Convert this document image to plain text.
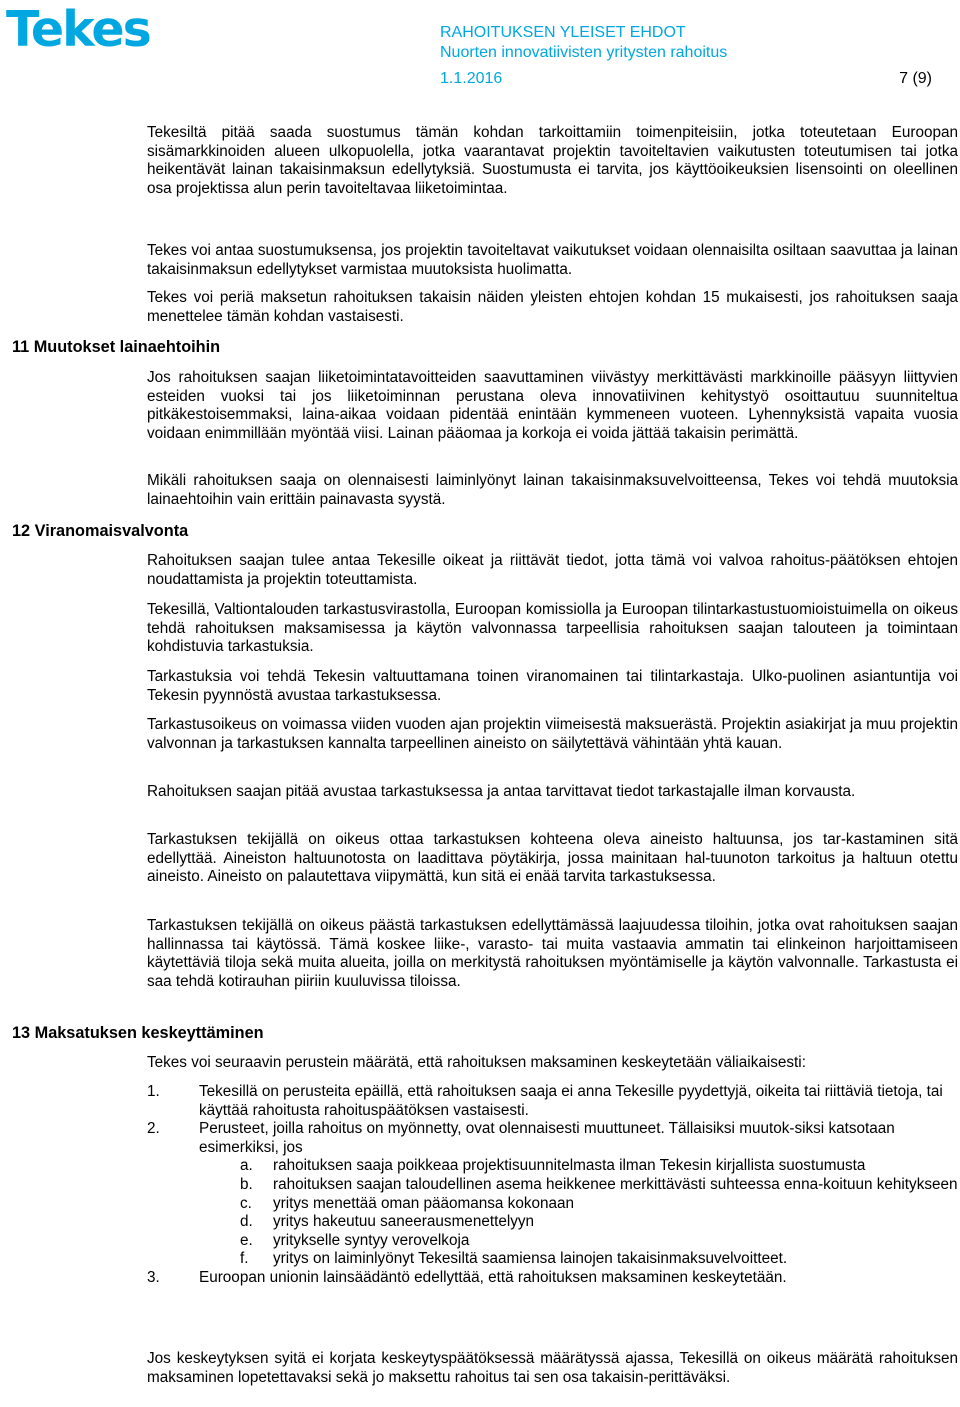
Tekes	RAHOITUKSEN YLEISET EHDOT
Nuorten innovatiivisten yritysten rahoitus
1.1.2016	7 (9)

Tekesiltä pitää saada suostumus tämän kohdan tarkoittamiin toimenpiteisiin, jotka toteutetaan Euroopan sisämarkkinoiden alueen ulkopuolella, jotka vaarantavat projektin tavoiteltavien vaikutusten toteutumisen tai jotka heikentävät lainan takaisinmaksun edellytyksiä. Suostumusta ei tarvita, jos käyttöoikeuksien lisensointi on oleellinen osa projektissa alun perin tavoiteltavaa liiketoimintaa.

Tekes voi antaa suostumuksensa, jos projektin tavoiteltavat vaikutukset voidaan olennaisilta osiltaan saavuttaa ja lainan takaisinmaksun edellytykset varmistaa muutoksista huolimatta.

Tekes voi periä maksetun rahoituksen takaisin näiden yleisten ehtojen kohdan 15 mukaisesti, jos rahoituksen saaja menettelee tämän kohdan vastaisesti.

11 Muutokset lainaehtoihin

Jos rahoituksen saajan liiketoimintatavoitteiden saavuttaminen viivästyy merkittävästi markkinoille pääsyyn liittyvien esteiden vuoksi tai jos liiketoiminnan perustana oleva innovatiivinen kehitystyö osoittautuu suunniteltua pitkäkestoisemmaksi, laina-aikaa voidaan pidentää enintään kymmeneen vuoteen. Lyhennyksistä vapaita vuosia voidaan enimmillään myöntää viisi. Lainan pääomaa ja korkoja ei voida jättää takaisin perimättä.

Mikäli rahoituksen saaja on olennaisesti laiminlyönyt lainan takaisinmaksuvelvoitteensa, Tekes voi tehdä muutoksia lainaehtoihin vain erittäin painavasta syystä.

12 Viranomaisvalvonta

Rahoituksen saajan tulee antaa Tekesille oikeat ja riittävät tiedot, jotta tämä voi valvoa rahoitus-päätöksen ehtojen noudattamista ja projektin toteuttamista.

Tekesillä, Valtiontalouden tarkastusvirastolla, Euroopan komissiolla ja Euroopan tilintarkastustuomioistuimella on oikeus tehdä rahoituksen maksamisessa ja käytön valvonnassa tarpeellisia rahoituksen saajan talouteen ja toimintaan kohdistuvia tarkastuksia.

Tarkastuksia voi tehdä Tekesin valtuuttamana toinen viranomainen tai tilintarkastaja. Ulko-puolinen asiantuntija voi Tekesin pyynnöstä avustaa tarkastuksessa.

Tarkastusoikeus on voimassa viiden vuoden ajan projektin viimeisestä maksuerästä. Projektin asiakirjat ja muu projektin valvonnan ja tarkastuksen kannalta tarpeellinen aineisto on säilytettävä vähintään yhtä kauan.

Rahoituksen saajan pitää avustaa tarkastuksessa ja antaa tarvittavat tiedot tarkastajalle ilman korvausta.

Tarkastuksen tekijällä on oikeus ottaa tarkastuksen kohteena oleva aineisto haltuunsa, jos tar-kastaminen sitä edellyttää. Aineiston haltuunotosta on laadittava pöytäkirja, jossa mainitaan hal-tuunoton tarkoitus ja haltuun otettu aineisto. Aineisto on palautettava viipymättä, kun sitä ei enää tarvita tarkastuksessa.

Tarkastuksen tekijällä on oikeus päästä tarkastuksen edellyttämässä laajuudessa tiloihin, jotka ovat rahoituksen saajan hallinnassa tai käytössä. Tämä koskee liike-, varasto- tai muita vastaavia ammatin tai elinkeinon harjoittamiseen käytettäviä tiloja sekä muita alueita, joilla on merkitystä rahoituksen myöntämiselle ja käytön valvonnalle. Tarkastusta ei saa tehdä kotirauhan piiriin kuuluvissa tiloissa.

13 Maksatuksen keskeyttäminen

Tekes voi seuraavin perustein määrätä, että rahoituksen maksaminen keskeytetään väliaikaisesti:

1.	Tekesillä on perusteita epäillä, että rahoituksen saaja ei anna Tekesille pyydettyjä, oikeita tai riittäviä tietoja, tai käyttää rahoitusta rahoituspäätöksen vastaisesti.
2.	Perusteet, joilla rahoitus on myönnetty, ovat olennaisesti muuttuneet. Tällaisiksi muutok-siksi katsotaan esimerkiksi, jos
a. rahoituksen saaja poikkeaa projektisuunnitelmasta ilman Tekesin kirjallista suostumusta
b. rahoituksen saajan taloudellinen asema heikkenee merkittävästi suhteessa enna-koituun kehitykseen
c. yritys menettää oman pääomansa kokonaan
d. yritys hakeutuu saneerausmenettelyyn
e. yritykselle syntyy verovelkoja
f. yritys on laiminlyönyt Tekesiltä saamiensa lainojen takaisinmaksuvelvoitteet.
3.	Euroopan unionin lainsäädäntö edellyttää, että rahoituksen maksaminen keskeytetään.

Jos keskeytyksen syitä ei korjata keskeytyspäätöksessä määrätyssä ajassa, Tekesillä on oikeus määrätä rahoituksen maksaminen lopetettavaksi sekä jo maksettu rahoitus tai sen osa takaisin-perittäväksi.
